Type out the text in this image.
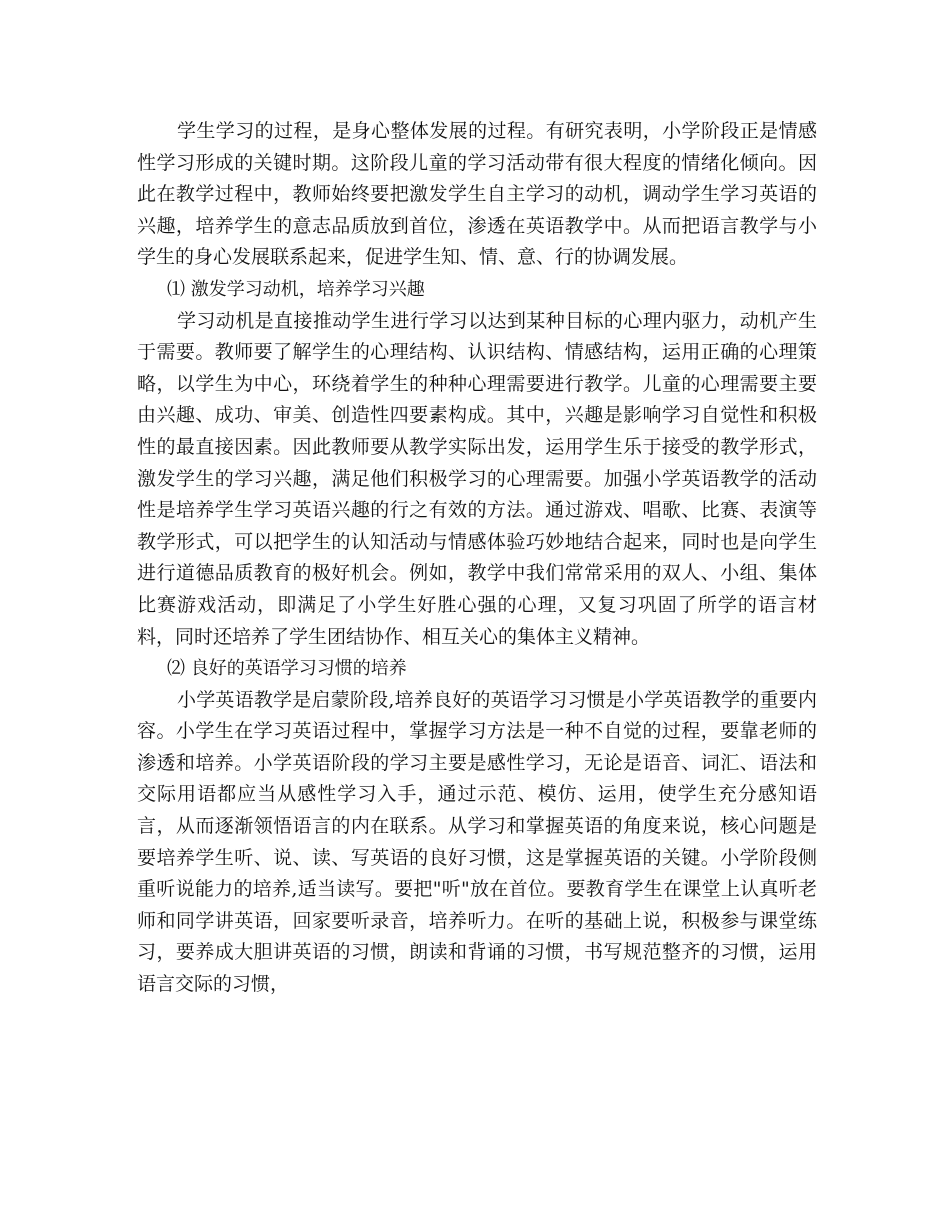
学生学习的过程，是身心整体发展的过程。有研究表明，小学阶段正是情感性学习形成的关键时期。这阶段儿童的学习活动带有很大程度的情绪化倾向。因此在教学过程中，教师始终要把激发学生自主学习的动机，调动学生学习英语的兴趣，培养学生的意志品质放到首位，渗透在英语教学中。从而把语言教学与小学生的身心发展联系起来，促进学生知、情、意、行的协调发展。

⑴ 激发学习动机，培养学习兴趣

学习动机是直接推动学生进行学习以达到某种目标的心理内驱力，动机产生于需要。教师要了解学生的心理结构、认识结构、情感结构，运用正确的心理策略，以学生为中心，环绕着学生的种种心理需要进行教学。儿童的心理需要主要由兴趣、成功、审美、创造性四要素构成。其中，兴趣是影响学习自觉性和积极性的最直接因素。因此教师要从教学实际出发，运用学生乐于接受的教学形式，激发学生的学习兴趣，满足他们积极学习的心理需要。加强小学英语教学的活动性是培养学生学习英语兴趣的行之有效的方法。通过游戏、唱歌、比赛、表演等教学形式，可以把学生的认知活动与情感体验巧妙地结合起来，同时也是向学生进行道德品质教育的极好机会。例如，教学中我们常常采用的双人、小组、集体比赛游戏活动，即满足了小学生好胜心强的心理，又复习巩固了所学的语言材料，同时还培养了学生团结协作、相互关心的集体主义精神。

⑵ 良好的英语学习习惯的培养

小学英语教学是启蒙阶段,培养良好的英语学习习惯是小学英语教学的重要内容。小学生在学习英语过程中，掌握学习方法是一种不自觉的过程，要靠老师的渗透和培养。小学英语阶段的学习主要是感性学习，无论是语音、词汇、语法和交际用语都应当从感性学习入手，通过示范、模仿、运用，使学生充分感知语言，从而逐渐领悟语言的内在联系。从学习和掌握英语的角度来说，核心问题是要培养学生听、说、读、写英语的良好习惯，这是掌握英语的关键。小学阶段侧重听说能力的培养,适当读写。要把"听"放在首位。要教育学生在课堂上认真听老师和同学讲英语，回家要听录音，培养听力。在听的基础上说，积极参与课堂练习，要养成大胆讲英语的习惯，朗读和背诵的习惯，书写规范整齐的习惯，运用语言交际的习惯，
